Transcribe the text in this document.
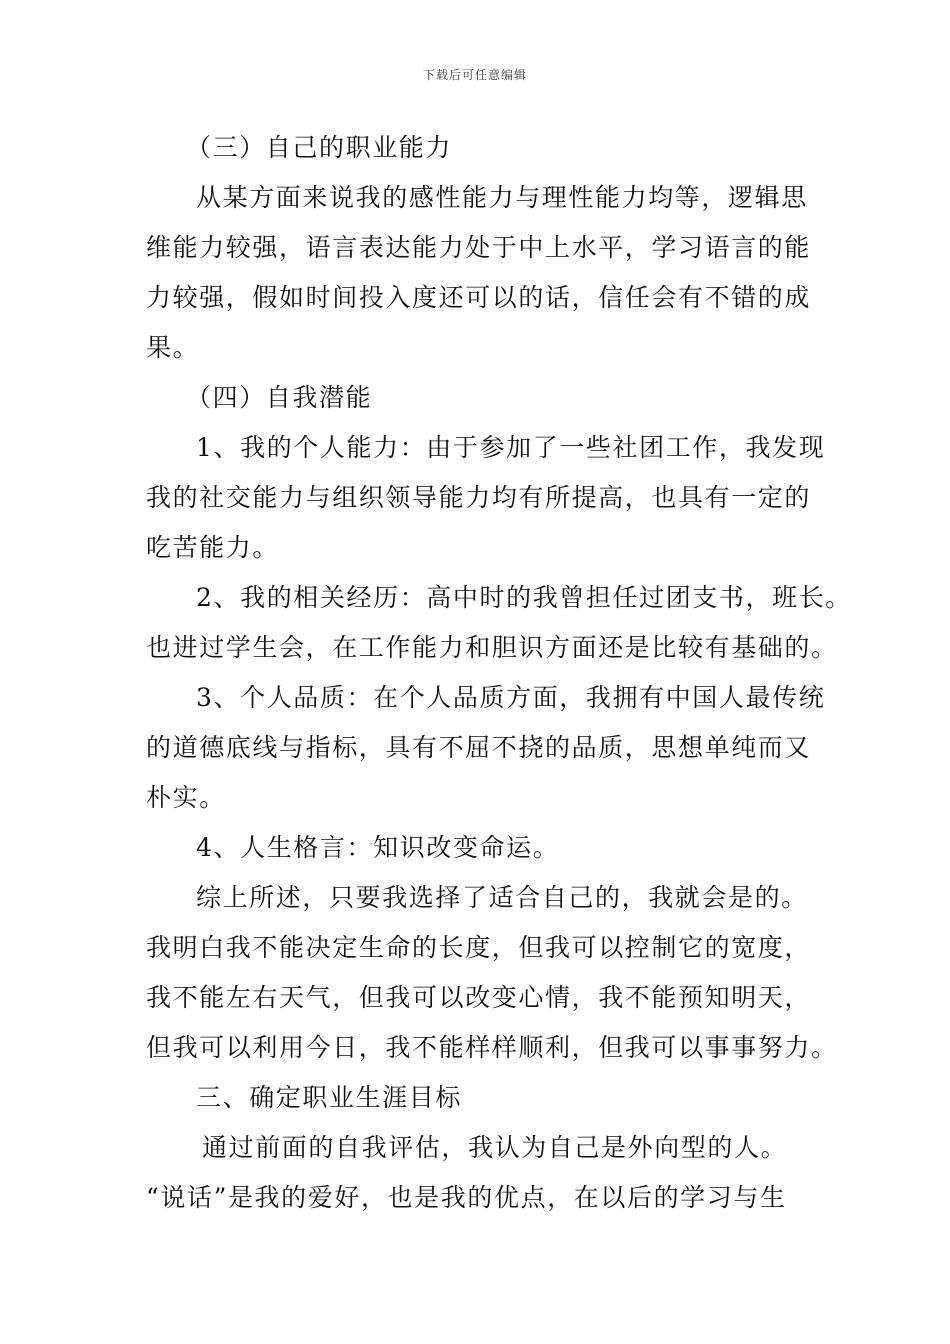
下载后可任意编辑
（三）自己的职业能力
从某方面来说我的感性能力与理性能力均等，逻辑思
维能力较强，语言表达能力处于中上水平，学习语言的能
力较强，假如时间投入度还可以的话，信任会有不错的成
果。
（四）自我潜能
1、我的个人能力：由于参加了一些社团工作，我发现
我的社交能力与组织领导能力均有所提高，也具有一定的
吃苦能力。
2、我的相关经历：高中时的我曾担任过团支书，班长。
也进过学生会，在工作能力和胆识方面还是比较有基础的。
3、个人品质：在个人品质方面，我拥有中国人最传统
的道德底线与指标，具有不屈不挠的品质，思想单纯而又
朴实。
4、人生格言：知识改变命运。
综上所述，只要我选择了适合自己的，我就会是的。
我明白我不能决定生命的长度，但我可以控制它的宽度，
我不能左右天气，但我可以改变心情，我不能预知明天，
但我可以利用今日，我不能样样顺利，但我可以事事努力。
三、确定职业生涯目标
通过前面的自我评估，我认为自己是外向型的人。
“说话”是我的爱好，也是我的优点，在以后的学习与生
